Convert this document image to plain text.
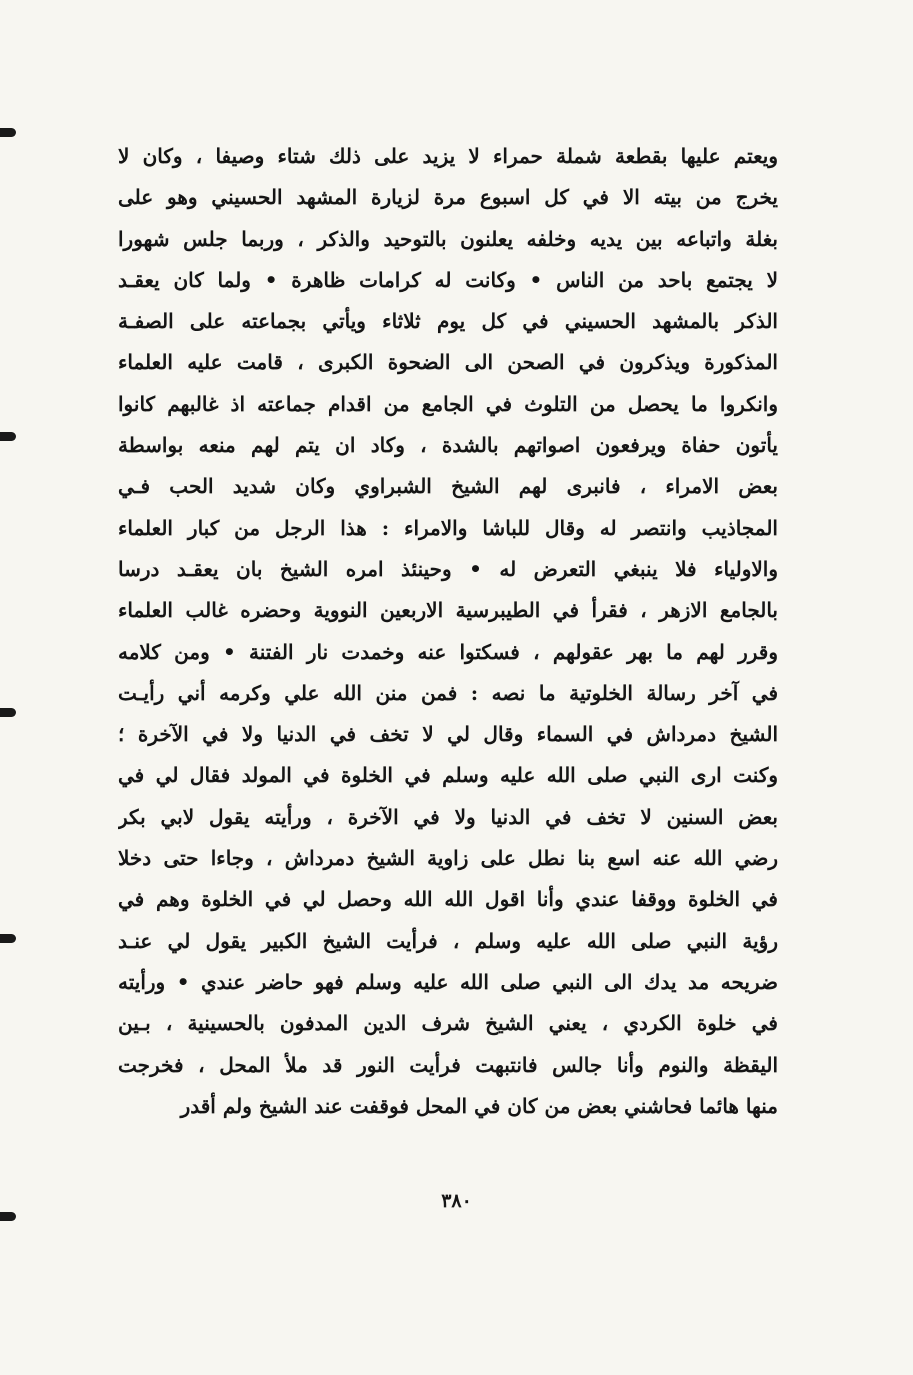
ويعتم عليها بقطعة شملة حمراء لا يزيد على ذلك شتاء وصيفا ، وكان لا
يخرج من بيته الا في كل اسبوع مرة لزيارة المشهد الحسيني وهو على
بغلة واتباعه بين يديه وخلفه يعلنون بالتوحيد والذكر ، وربما جلس شهورا
لا يجتمع باحد من الناس • وكانت له كرامات ظاهرة • ولما كان يعقـد
الذكر بالمشهد الحسيني في كل يوم ثلاثاء ويأتي بجماعته على الصفـة
المذكورة ويذكرون في الصحن الى الضحوة الكبرى ، قامت عليه العلماء
وانكروا ما يحصل من التلوث في الجامع من اقدام جماعته اذ غالبهم كانوا
يأتون حفاة ويرفعون اصواتهم بالشدة ، وكاد ان يتم لهم منعه بواسطة
بعض الامراء ، فانبرى لهم الشيخ الشبراوي وكان شديد الحب فـي
المجاذيب وانتصر له وقال للباشا والامراء : هذا الرجل من كبار العلماء
والاولياء فلا ينبغي التعرض له • وحينئذ امره الشيخ بان يعقـد درسا
بالجامع الازهر ، فقرأ في الطيبرسية الاربعين النووية وحضره غالب العلماء
وقرر لهم ما بهر عقولهم ، فسكتوا عنه وخمدت نار الفتنة • ومن كلامه
في آخر رسالة الخلوتية ما نصه : فمن منن الله علي وكرمه أني رأيـت
الشيخ دمرداش في السماء وقال لي لا تخف في الدنيا ولا في الآخرة ؛
وكنت ارى النبي صلى الله عليه وسلم في الخلوة في المولد فقال لي في
بعض السنين لا تخف في الدنيا ولا في الآخرة ، ورأيته يقول لابي بكر
رضي الله عنه اسع بنا نطل على زاوية الشيخ دمرداش ، وجاءا حتى دخلا
في الخلوة ووقفا عندي وأنا اقول الله الله وحصل لي في الخلوة وهم في
رؤية النبي صلى الله عليه وسلم ، فرأيت الشيخ الكبير يقول لي عنـد
ضريحه مد يدك الى النبي صلى الله عليه وسلم فهو حاضر عندي • ورأيته
في خلوة الكردي ، يعني الشيخ شرف الدين المدفون بالحسينية ، بـين
اليقظة والنوم وأنا جالس فانتبهت فرأيت النور قد ملأ المحل ، فخرجت
منها هائما فحاشني بعض من كان في المحل فوقفت عند الشيخ ولم أقدر
٣٨٠
